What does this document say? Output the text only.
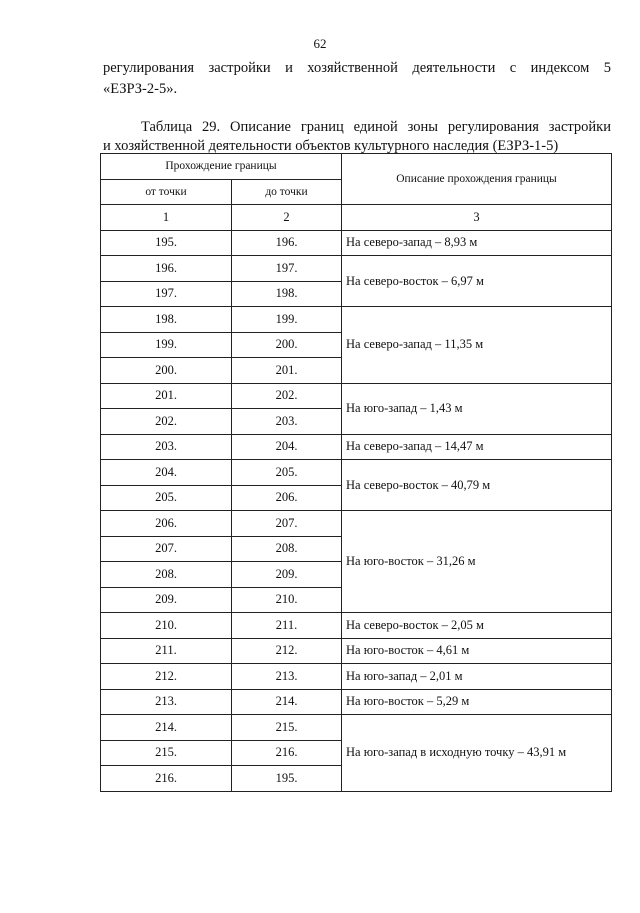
62
регулирования застройки и хозяйственной деятельности с индексом 5
«ЕЗРЗ-2-5».
Таблица 29. Описание границ единой зоны регулирования застройки
и хозяйственной деятельности объектов культурного наследия (ЕЗРЗ-1-5)
Прохождение границы		Описание прохождения границы
от точки	до точки	
1	2	3
195.	196.	На северо-запад – 8,93 м
196.	197.	На северо-восток – 6,97 м
197.	198.	
198.	199.	На северо-запад – 11,35 м
199.	200.	
200.	201.	
201.	202.	На юго-запад – 1,43 м
202.	203.	
203.	204.	На северо-запад – 14,47 м
204.	205.	На северо-восток – 40,79 м
205.	206.	
206.	207.	На юго-восток – 31,26 м
207.	208.	
208.	209.	
209.	210.	
210.	211.	На северо-восток – 2,05 м
211.	212.	На юго-восток – 4,61 м
212.	213.	На юго-запад – 2,01 м
213.	214.	На юго-восток – 5,29 м
214.	215.	На юго-запад в исходную точку – 43,91 м
215.	216.	
216.	195.	
